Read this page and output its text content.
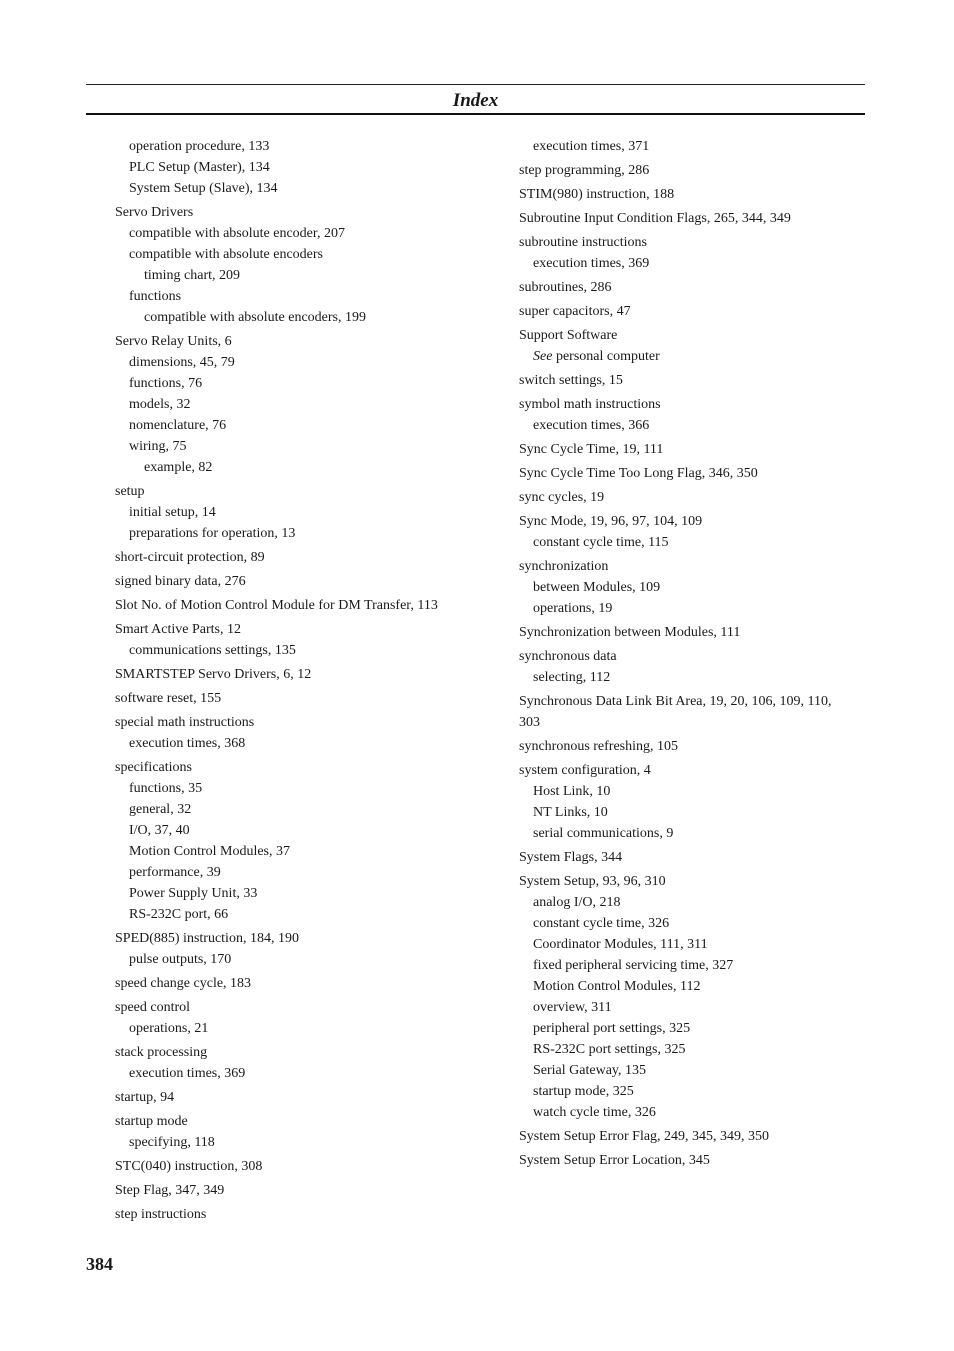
Index
operation procedure, 133
PLC Setup (Master), 134
System Setup (Slave), 134
Servo Drivers
compatible with absolute encoder, 207
compatible with absolute encoders
timing chart, 209
functions
compatible with absolute encoders, 199
Servo Relay Units, 6
dimensions, 45, 79
functions, 76
models, 32
nomenclature, 76
wiring, 75
example, 82
setup
initial setup, 14
preparations for operation, 13
short-circuit protection, 89
signed binary data, 276
Slot No. of Motion Control Module for DM Transfer, 113
Smart Active Parts, 12
communications settings, 135
SMARTSTEP Servo Drivers, 6, 12
software reset, 155
special math instructions
execution times, 368
specifications
functions, 35
general, 32
I/O, 37, 40
Motion Control Modules, 37
performance, 39
Power Supply Unit, 33
RS-232C port, 66
SPED(885) instruction, 184, 190
pulse outputs, 170
speed change cycle, 183
speed control
operations, 21
stack processing
execution times, 369
startup, 94
startup mode
specifying, 118
STC(040) instruction, 308
Step Flag, 347, 349
step instructions
execution times, 371
step programming, 286
STIM(980) instruction, 188
Subroutine Input Condition Flags, 265, 344, 349
subroutine instructions
execution times, 369
subroutines, 286
super capacitors, 47
Support Software
See personal computer
switch settings, 15
symbol math instructions
execution times, 366
Sync Cycle Time, 19, 111
Sync Cycle Time Too Long Flag, 346, 350
sync cycles, 19
Sync Mode, 19, 96, 97, 104, 109
constant cycle time, 115
synchronization
between Modules, 109
operations, 19
Synchronization between Modules, 111
synchronous data
selecting, 112
Synchronous Data Link Bit Area, 19, 20, 106, 109, 110,
303
synchronous refreshing, 105
system configuration, 4
Host Link, 10
NT Links, 10
serial communications, 9
System Flags, 344
System Setup, 93, 96, 310
analog I/O, 218
constant cycle time, 326
Coordinator Modules, 111, 311
fixed peripheral servicing time, 327
Motion Control Modules, 112
overview, 311
peripheral port settings, 325
RS-232C port settings, 325
Serial Gateway, 135
startup mode, 325
watch cycle time, 326
System Setup Error Flag, 249, 345, 349, 350
System Setup Error Location, 345
384
